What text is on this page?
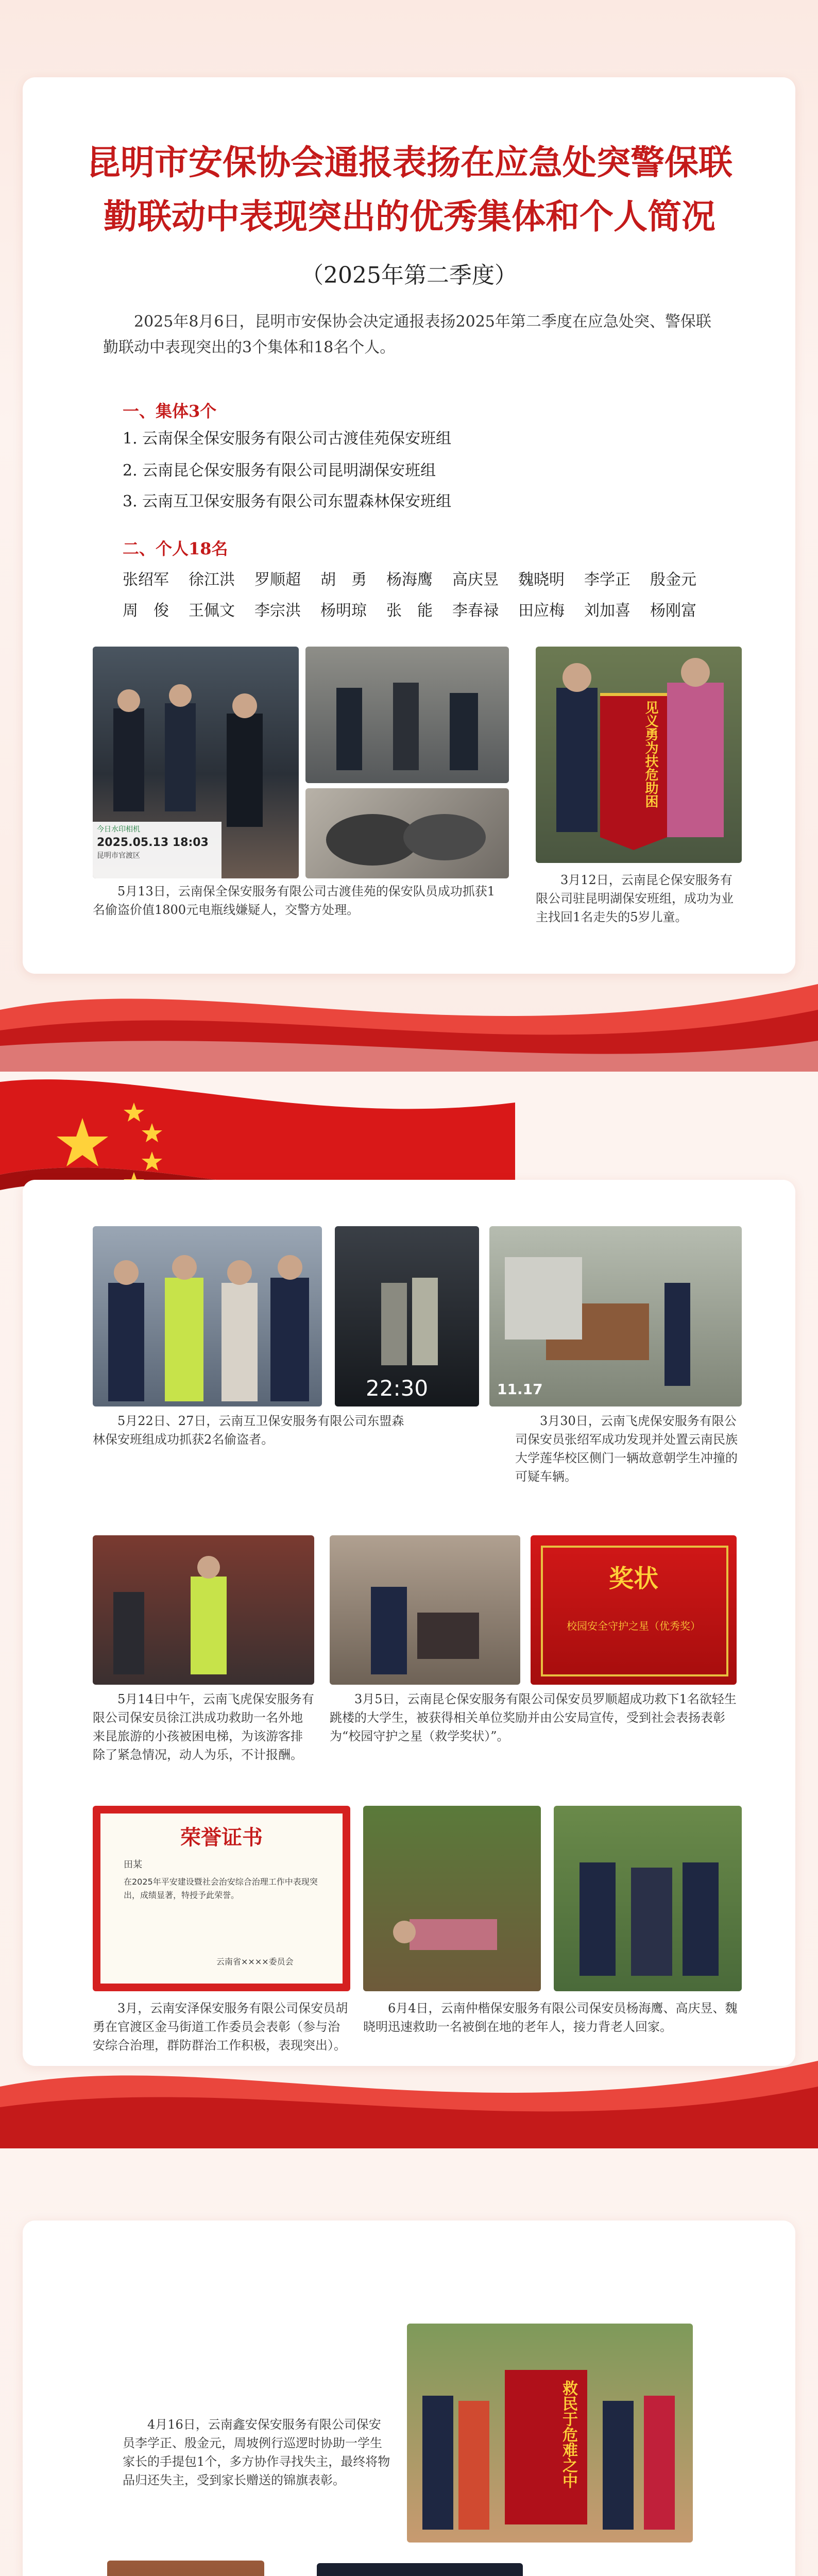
昆明市安保协会通报表扬在应急处突警保联
勤联动中表现突出的优秀集体和个人简况
（2025年第二季度）
2025年8月6日，昆明市安保协会决定通报表扬2025年第二季度在应急处突、警保联勤联动中表现突出的3个集体和18名个人。
一、集体3个
1. 云南保全保安服务有限公司古渡佳苑保安班组
2. 云南昆仑保安服务有限公司昆明湖保安班组
3. 云南互卫保安服务有限公司东盟森林保安班组
二、个人18名
张绍军 徐江洪 罗顺超 胡　勇 杨海鹰 高庆昱 魏晓明 李学正 殷金元
周　俊 王佩文 李宗洪 杨明琼 张　能 李春禄 田应梅 刘加喜 杨刚富
今日水印相机
2025.05.13 18:03
昆明市官渡区
见义勇为扶危助困
5月13日，云南保全保安服务有限公司古渡佳苑的保安队员成功抓获1名偷盗价值1800元电瓶线嫌疑人，交警方处理。
3月12日，云南昆仑保安服务有限公司驻昆明湖保安班组，成功为业主找回1名走失的5岁儿童。
22:30	11.17
5月22日、27日，云南互卫保安服务有限公司东盟森林保安班组成功抓获2名偷盗者。
3月30日，云南飞虎保安服务有限公司保安员张绍军成功发现并处置云南民族大学莲华校区侧门一辆故意朝学生冲撞的可疑车辆。
奖状
校园安全守护之星（优秀奖）
5月14日中午，云南飞虎保安服务有限公司保安员徐江洪成功救助一名外地来昆旅游的小孩被困电梯，为该游客排除了紧急情况，动人为乐，不计报酬。
3月5日，云南昆仑保安服务有限公司保安员罗顺超成功救下1名欲轻生跳楼的大学生，被获得相关单位奖励并由公安局宣传，受到社会表扬表彰为“校园守护之星（救学奖状）”。
荣誉证书
田某
在2025年平安建设暨社会治安综合治理工作中表现突出，成绩显著，特授予此荣誉。
云南省××××委员会
3月，云南安泽保安服务有限公司保安员胡勇在官渡区金马街道工作委员会表彰（参与治安综合治理，群防群治工作积极，表现突出）。
6月4日，云南仲楷保安服务有限公司保安员杨海鹰、高庆昱、魏晓明迅速救助一名被倒在地的老年人，接力背老人回家。
4月16日，云南鑫安保安服务有限公司保安员李学正、殷金元，周坡例行巡逻时协助一学生家长的手提包1个，多方协作寻找失主，最终将物品归还失主，受到家长赠送的锦旗表彰。	救民于危难之中
